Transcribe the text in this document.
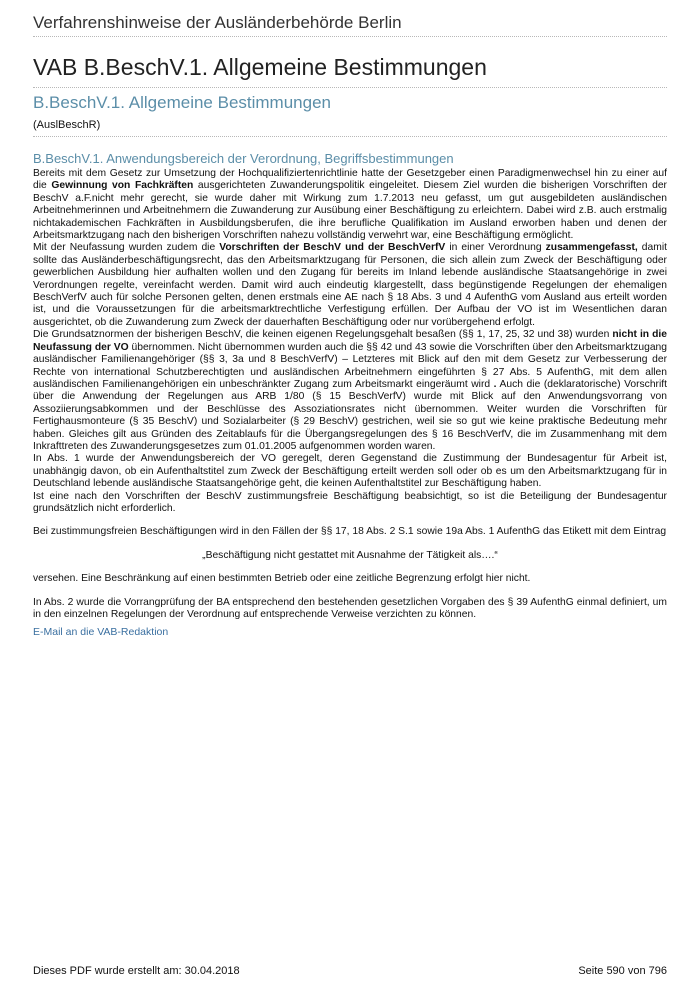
Verfahrenshinweise der Ausländerbehörde Berlin
VAB B.BeschV.1. Allgemeine Bestimmungen
B.BeschV.1. Allgemeine Bestimmungen
(AuslBeschR)
B.BeschV.1. Anwendungsbereich der Verordnung, Begriffsbestimmungen

Bereits mit dem Gesetz zur Umsetzung der Hochqualifiziertenrichtlinie hatte der Gesetzgeber einen Paradigmenwechsel hin zu einer auf die Gewinnung von Fachkräften ausgerichteten Zuwanderungspolitik eingeleitet. Diesem Ziel wurden die bisherigen Vorschriften der BeschV a.F.nicht mehr gerecht, sie wurde daher mit Wirkung zum 1.7.2013 neu gefasst, um gut ausgebildeten ausländischen Arbeitnehmerinnen und Arbeitnehmern die Zuwanderung zur Ausübung einer Beschäftigung zu erleichtern. Dabei wird z.B. auch erstmalig nichtakademischen Fachkräften in Ausbildungsberufen, die ihre berufliche Qualifikation im Ausland erworben haben und denen der Arbeitsmarktzugang nach den bisherigen Vorschriften nahezu vollständig verwehrt war, eine Beschäftigung ermöglicht.

Mit der Neufassung wurden zudem die Vorschriften der BeschV und der BeschVerfV in einer Verordnung zusammengefasst, damit sollte das Ausländerbeschäftigungsrecht, das den Arbeitsmarktzugang für Personen, die sich allein zum Zweck der Beschäftigung oder gewerblichen Ausbildung hier aufhalten wollen und den Zugang für bereits im Inland lebende ausländische Staatsangehörige in zwei Verordnungen regelte, vereinfacht werden. Damit wird auch eindeutig klargestellt, dass begünstigende Regelungen der ehemaligen BeschVerfV auch für solche Personen gelten, denen erstmals eine AE nach § 18 Abs. 3 und 4 AufenthG vom Ausland aus erteilt worden ist, und die Voraussetzungen für die arbeitsmarktrechtliche Verfestigung erfüllen. Der Aufbau der VO ist im Wesentlichen daran ausgerichtet, ob die Zuwanderung zum Zweck der dauerhaften Beschäftigung oder nur vorübergehend erfolgt.

Die Grundsatznormen der bisherigen BeschV, die keinen eigenen Regelungsgehalt besaßen (§§ 1, 17, 25, 32 und 38) wurden nicht in die Neufassung der VO übernommen. Nicht übernommen wurden auch die §§ 42 und 43 sowie die Vorschriften über den Arbeitsmarktzugang ausländischer Familienangehöriger (§§ 3, 3a und 8 BeschVerfV) – Letzteres mit Blick auf den mit dem Gesetz zur Verbesserung der Rechte von international Schutzberechtigten und ausländischen Arbeitnehmern eingeführten § 27 Abs. 5 AufenthG, mit dem allen ausländischen Familienangehörigen ein unbeschränkter Zugang zum Arbeitsmarkt eingeräumt wird . Auch die (deklaratorische) Vorschrift über die Anwendung der Regelungen aus ARB 1/80 (§ 15 BeschVerfV) wurde mit Blick auf den Anwendungsvorrang von Assoziierungsabkommen und der Beschlüsse des Assoziationsrates nicht übernommen. Weiter wurden die Vorschriften für Fertighausmonteure (§ 35 BeschV) und Sozialarbeiter (§ 29 BeschV) gestrichen, weil sie so gut wie keine praktische Bedeutung mehr haben. Gleiches gilt aus Gründen des Zeitablaufs für die Übergangsregelungen des § 16 BeschVerfV, die im Zusammenhang mit dem Inkrafttreten des Zuwanderungsgesetzes zum 01.01.2005 aufgenommen worden waren.

In Abs. 1 wurde der Anwendungsbereich der VO geregelt, deren Gegenstand die Zustimmung der Bundesagentur für Arbeit ist, unabhängig davon, ob ein Aufenthaltstitel zum Zweck der Beschäftigung erteilt werden soll oder ob es um den Arbeitsmarktzugang für in Deutschland lebende ausländische Staatsangehörige geht, die keinen Aufenthaltstitel zur Beschäftigung haben.

Ist eine nach den Vorschriften der BeschV zustimmungsfreie Beschäftigung beabsichtigt, so ist die Beteiligung der Bundesagentur grundsätzlich nicht erforderlich.

Bei zustimmungsfreien Beschäftigungen wird in den Fällen der §§ 17, 18 Abs. 2 S.1 sowie 19a Abs. 1 AufenthG das Etikett mit dem Eintrag

„Beschäftigung nicht gestattet mit Ausnahme der Tätigkeit als….“

versehen. Eine Beschränkung auf einen bestimmten Betrieb oder eine zeitliche Begrenzung erfolgt hier nicht.

In Abs. 2 wurde die Vorrangprüfung der BA entsprechend den bestehenden gesetzlichen Vorgaben des § 39 AufenthG einmal definiert, um in den einzelnen Regelungen der Verordnung auf entsprechende Verweise verzichten zu können.

E-Mail an die VAB-Redaktion
Dieses PDF wurde erstellt am: 30.04.2018	Seite 590 von 796
